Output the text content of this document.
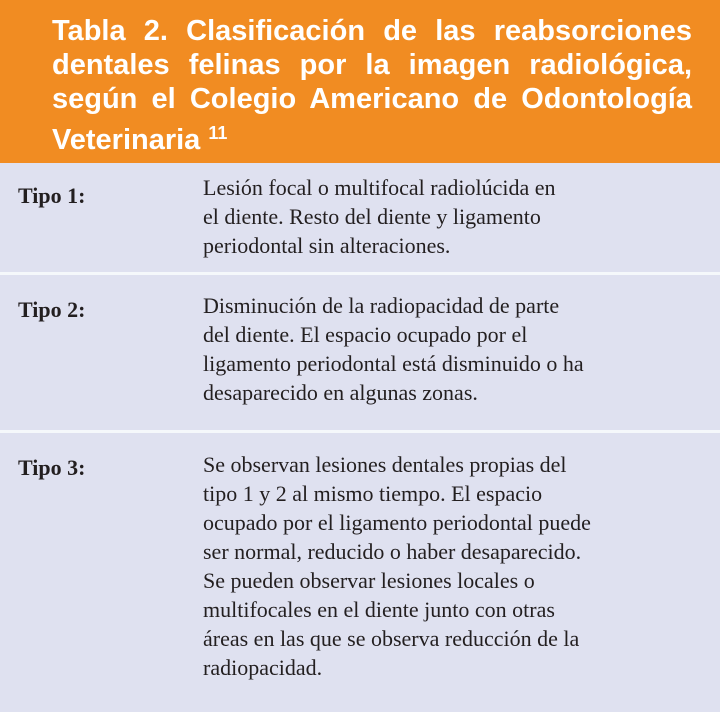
Tabla 2. Clasificación de las reabsorciones
dentales felinas por la imagen radiológica,
según el Colegio Americano de Odontología
Veterinaria $^{11}$
Tipo 1:	Lesión focal o multifocal radiolúcida en
el diente. Resto del diente y ligamento
periodontal sin alteraciones.
Tipo 2:	Disminución de la radiopacidad de parte
del diente. El espacio ocupado por el
ligamento periodontal está disminuido o ha
desaparecido en algunas zonas.
Tipo 3:	Se observan lesiones dentales propias del
tipo 1 y 2 al mismo tiempo. El espacio
ocupado por el ligamento periodontal puede
ser normal, reducido o haber desaparecido.
Se pueden observar lesiones locales o
multifocales en el diente junto con otras
áreas en las que se observa reducción de la
radiopacidad.
